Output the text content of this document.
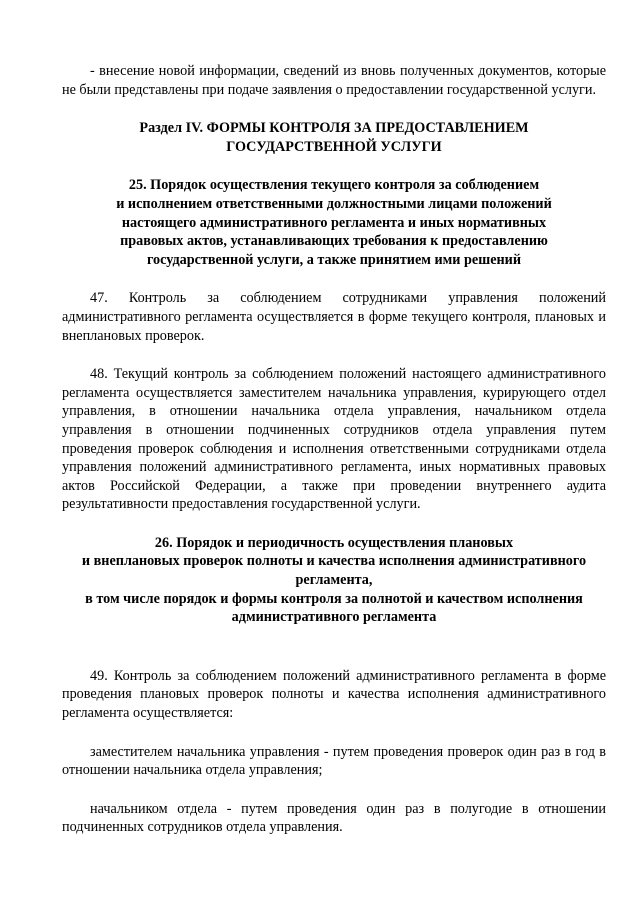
- внесение новой информации, сведений из вновь полученных документов, которые не были представлены при подаче заявления о предоставлении государственной услуги.

Раздел IV. ФОРМЫ КОНТРОЛЯ ЗА ПРЕДОСТАВЛЕНИЕМ
ГОСУДАРСТВЕННОЙ УСЛУГИ
25. Порядок осуществления текущего контроля за соблюдением
и исполнением ответственными должностными лицами положений
настоящего административного регламента и иных нормативных
правовых актов, устанавливающих требования к предоставлению
государственной услуги, а также принятием ими решений

47. Контроль за соблюдением сотрудниками управления положений административного регламента осуществляется в форме текущего контроля, плановых и внеплановых проверок.

48. Текущий контроль за соблюдением положений настоящего административного регламента осуществляется заместителем начальника управления, курирующего отдел управления, в отношении начальника отдела управления, начальником отдела управления в отношении подчиненных сотрудников отдела управления путем проведения проверок соблюдения и исполнения ответственными сотрудниками отдела управления положений административного регламента, иных нормативных правовых актов Российской Федерации, а также при проведении внутреннего аудита результативности предоставления государственной услуги.

26. Порядок и периодичность осуществления плановых
и внеплановых проверок полноты и качества исполнения административного
регламента,
в том числе порядок и формы контроля за полнотой и качеством исполнения
административного регламента

49. Контроль за соблюдением положений административного регламента в форме проведения плановых проверок полноты и качества исполнения административного регламента осуществляется:

заместителем начальника управления - путем проведения проверок один раз в год в отношении начальника отдела управления;

начальником отдела - путем проведения один раз в полугодие в отношении подчиненных сотрудников отдела управления.
